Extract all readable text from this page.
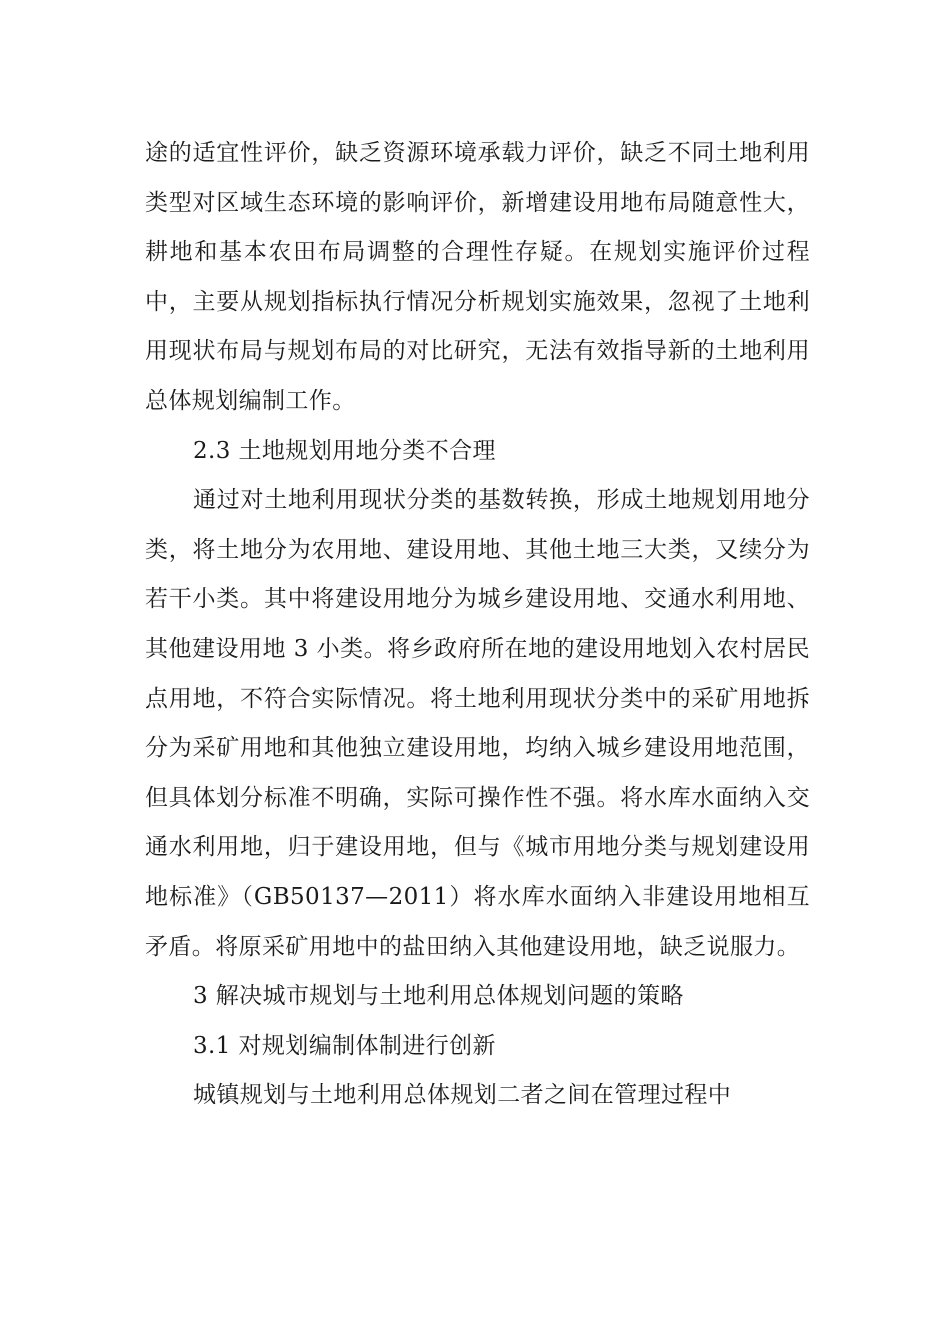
途的适宜性评价，缺乏资源环境承载力评价，缺乏不同土地利用类型对区域生态环境的影响评价，新增建设用地布局随意性大，耕地和基本农田布局调整的合理性存疑。在规划实施评价过程中，主要从规划指标执行情况分析规划实施效果，忽视了土地利用现状布局与规划布局的对比研究，无法有效指导新的土地利用总体规划编制工作。

2.3 土地规划用地分类不合理

通过对土地利用现状分类的基数转换，形成土地规划用地分类，将土地分为农用地、建设用地、其他土地三大类，又续分为若干小类。其中将建设用地分为城乡建设用地、交通水利用地、其他建设用地 3 小类。将乡政府所在地的建设用地划入农村居民点用地，不符合实际情况。将土地利用现状分类中的采矿用地拆分为采矿用地和其他独立建设用地，均纳入城乡建设用地范围，但具体划分标准不明确，实际可操作性不强。将水库水面纳入交通水利用地，归于建设用地，但与《城市用地分类与规划建设用地标准》（GB50137—2011）将水库水面纳入非建设用地相互矛盾。将原采矿用地中的盐田纳入其他建设用地，缺乏说服力。

3 解决城市规划与土地利用总体规划问题的策略

3.1 对规划编制体制进行创新

城镇规划与土地利用总体规划二者之间在管理过程中
